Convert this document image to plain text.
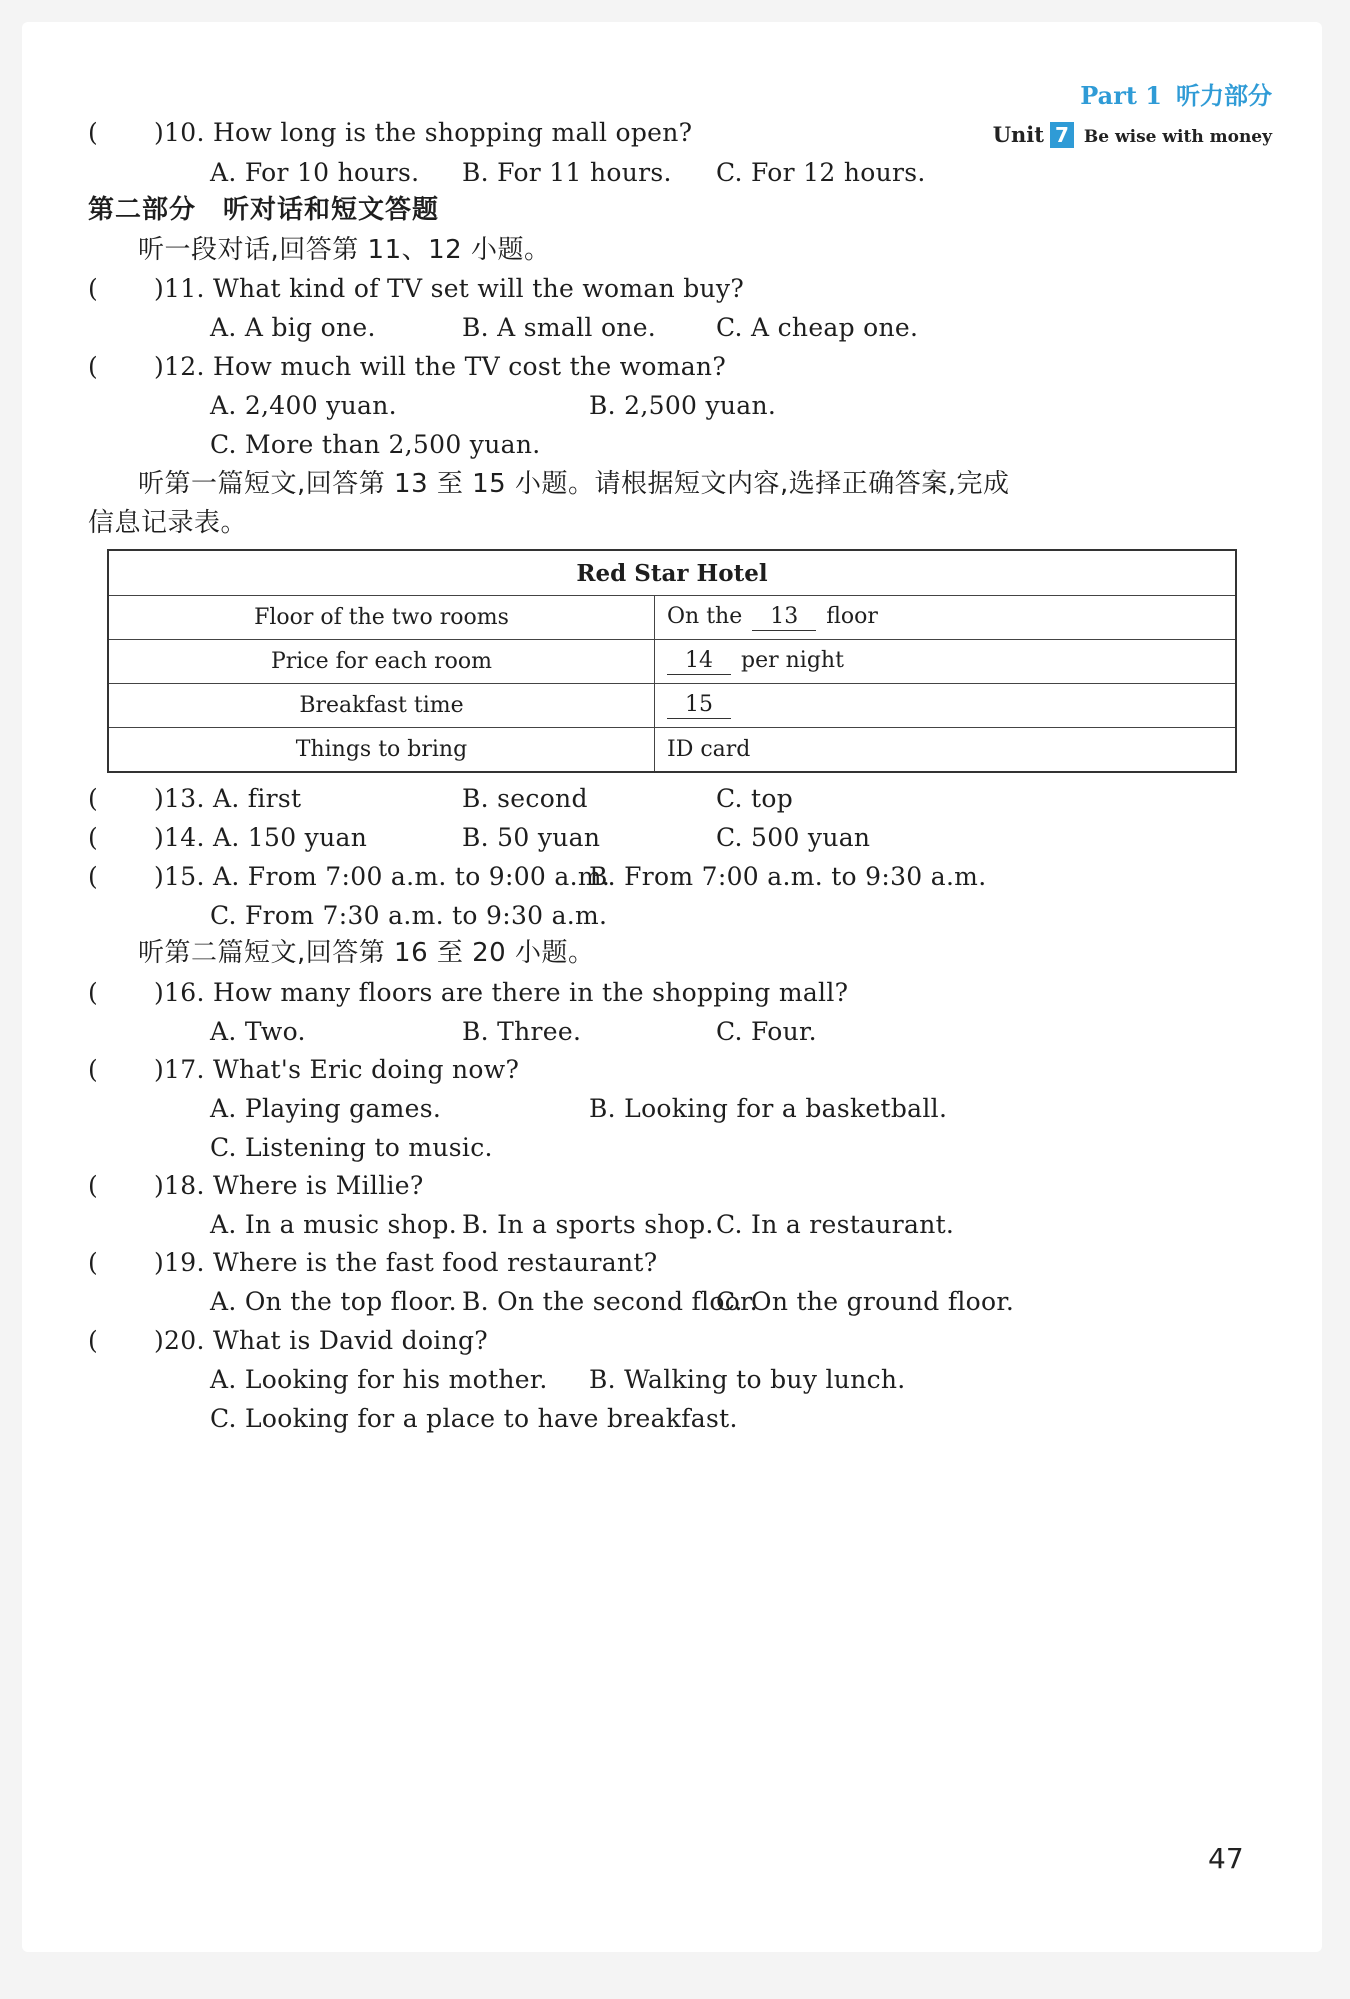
Part 1 听力部分
Unit 7 Be wise with money
( )10. How long is the shopping mall open?
A. For 10 hours. B. For 11 hours. C. For 12 hours.
第二部分　听对话和短文答题
听一段对话,回答第 11、12 小题。
( )11. What kind of TV set will the woman buy?
A. A big one.	B. A small one. C. A cheap one.
( )12. How much will the TV cost the woman?
A. 2,400 yuan.	B. 2,500 yuan.
C. More than 2,500 yuan.
听第一篇短文,回答第 13 至 15 小题。请根据短文内容,选择正确答案,完成
信息记录表。
Red Star Hotel	
Floor of the two rooms	On the 13 floor
Price for each room	14 per night
Breakfast time	15
Things to bring	ID card
( )13. A. first	B. second	C. top
( )14. A. 150 yuan	B. 50 yuan	C. 500 yuan
( )15. A. From 7:00 a.m. to 9:00 a.m.
B. From 7:00 a.m. to 9:30 a.m.
C. From 7:30 a.m. to 9:30 a.m.
听第二篇短文,回答第 16 至 20 小题。
( )16. How many floors are there in the shopping mall?
A. Two.	B. Three.	C. Four.
( )17. What's Eric doing now?
A. Playing games.	B. Looking for a basketball.
C. Listening to music.
( )18. Where is Millie?
A. In a music shop. B. In a sports shop. C. In a restaurant.
( )19. Where is the fast food restaurant?
A. On the top floor. B. On the second floor.
C. On the ground floor.
( )20. What is David doing?
A. Looking for his mother. B. Walking to buy lunch.
C. Looking for a place to have breakfast.
47
